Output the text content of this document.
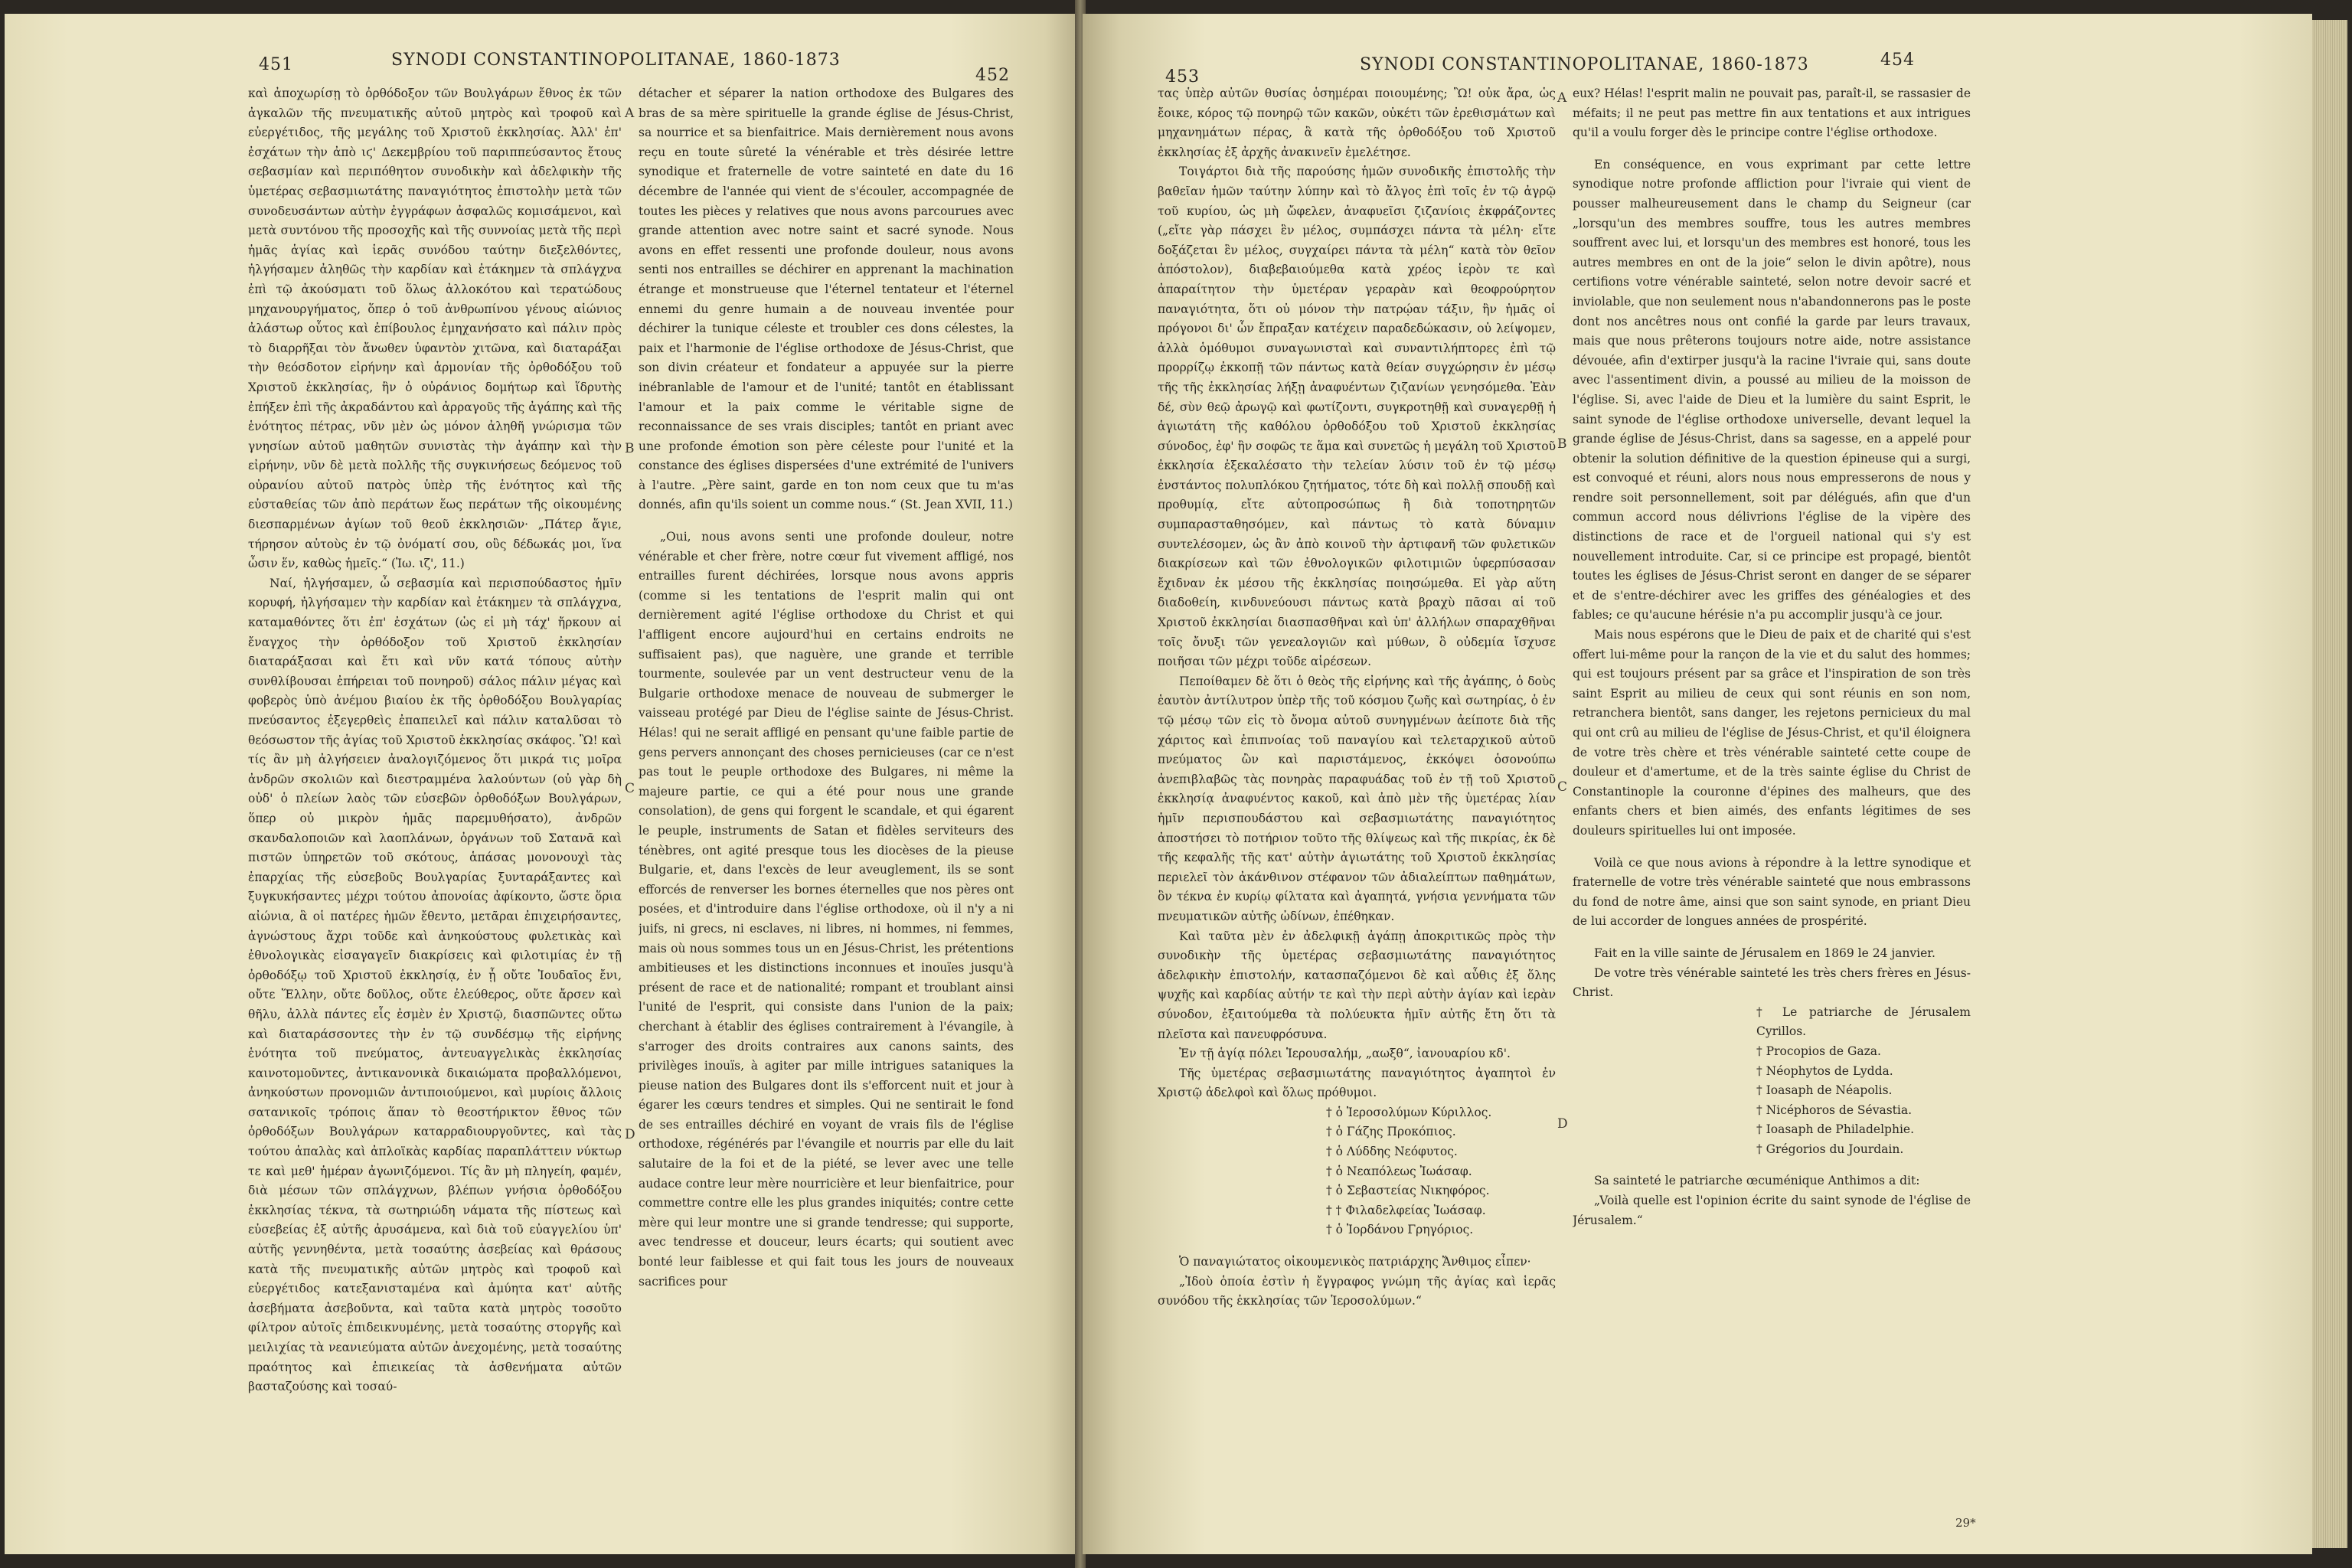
451	SYNODI CONSTANTINOPOLITANAE, 1860-1873
452

καὶ ἀποχωρίσῃ τὸ ὀρθόδοξον τῶν Βουλγάρων ἔθνος ἐκ τῶν ἀγκαλῶν τῆς πνευματικῆς αὐτοῦ μητρὸς καὶ τροφοῦ καὶ εὐεργέτιδος, τῆς μεγάλης τοῦ Χριστοῦ ἐκκλησίας. Ἀλλ' ἐπ' ἐσχάτων τὴν ἀπὸ ιϛ' Δεκεμβρίου τοῦ παριππεύσαντος ἔτους σεβασμίαν καὶ περιπόθητον συνοδικὴν καὶ ἀδελφικὴν τῆς ὑμετέρας σεβασμιωτάτης παναγιότητος ἐπιστολὴν μετὰ τῶν συνοδευσάντων αὐτὴν ἐγγράφων ἀσφαλῶς κομισάμενοι, καὶ μετὰ συντόνου τῆς προσοχῆς καὶ τῆς συννοίας μετὰ τῆς περὶ ἡμᾶς ἁγίας καὶ ἱερᾶς συνόδου ταύτην διεξελθόντες, ἠλγήσαμεν ἀληθῶς τὴν καρδίαν καὶ ἐτάκημεν τὰ σπλάγχνα ἐπὶ τῷ ἀκούσματι τοῦ ὅλως ἀλλοκότου καὶ τερατώδους μηχανουργήματος, ὅπερ ὁ τοῦ ἀνθρωπίνου γένους αἰώνιος ἀλάστωρ οὗτος καὶ ἐπίβουλος ἐμηχανήσατο καὶ πάλιν πρὸς τὸ διαρρῆξαι τὸν ἄνωθεν ὑφαντὸν χιτῶνα, καὶ διαταράξαι τὴν θεόσδοτον εἰρήνην καὶ ἁρμονίαν τῆς ὀρθοδόξου τοῦ Χριστοῦ ἐκκλησίας, ἣν ὁ οὐράνιος δομήτωρ καὶ ἵδρυτὴς ἐπήξεν ἐπὶ τῆς ἀκραδάντου καὶ ἀρραγοῦς τῆς ἀγάπης καὶ τῆς ἑνότητος πέτρας, νῦν μὲν ὡς μόνον ἀληθῆ γνώρισμα τῶν γνησίων αὐτοῦ μαθητῶν συνιστὰς τὴν ἀγάπην καὶ τὴν εἰρήνην, νῦν δὲ μετὰ πολλῆς τῆς συγκινήσεως δεόμενος τοῦ οὐρανίου αὐτοῦ πατρὸς ὑπὲρ τῆς ἑνότητος καὶ τῆς εὐσταθείας τῶν ἀπὸ περάτων ἕως περάτων τῆς οἰκουμένης διεσπαρμένων ἁγίων τοῦ θεοῦ ἐκκλησιῶν· „Πάτερ ἅγιε, τήρησον αὐτοὺς ἐν τῷ ὀνόματί σου, οὓς δέδωκάς μοι, ἵνα ὦσιν ἕν, καθὼς ἡμεῖς.“ (Ἰω. ιζ', 11.)

Ναί, ἠλγήσαμεν, ὦ σεβασμία καὶ περισπούδαστος ἡμῖν κορυφή, ἠλγήσαμεν τὴν καρδίαν καὶ ἐτάκημεν τὰ σπλάγχνα, καταμαθόντες ὅτι ἐπ' ἐσχάτων (ὡς εἰ μὴ τάχ' ἤρκουν αἱ ἔναγχος τὴν ὀρθόδοξον τοῦ Χριστοῦ ἐκκλησίαν διαταράξασαι καὶ ἔτι καὶ νῦν κατά τόπους αὐτὴν συνθλίβουσαι ἐπήρειαι τοῦ πονηροῦ) σάλος πάλιν μέγας καὶ φοβερὸς ὑπὸ ἀνέμου βιαίου ἐκ τῆς ὀρθοδόξου Βουλγαρίας πνεύσαντος ἐξεγερθεὶς ἐπαπειλεῖ καὶ πάλιν καταλῦσαι τὸ θεόσωστον τῆς ἁγίας τοῦ Χριστοῦ ἐκκλησίας σκάφος. Ὢ! καὶ τίς ἂν μὴ ἀλγήσειεν ἀναλογιζόμενος ὅτι μικρά τις μοῖρα ἀνδρῶν σκολιῶν καὶ διεστραμμένα λαλούντων (οὐ γὰρ δὴ οὐδ' ὁ πλείων λαὸς τῶν εὐσεβῶν ὀρθοδόξων Βουλγάρων, ὅπερ οὐ μικρὸν ἡμᾶς παρεμυθήσατο), ἀνδρῶν σκανδαλοποιῶν καὶ λαοπλάνων, ὀργάνων τοῦ Σατανᾶ καὶ πιστῶν ὑπηρετῶν τοῦ σκότους, ἁπάσας μονονουχὶ τὰς ἐπαρχίας τῆς εὐσεβοῦς Βουλγαρίας ξυνταράξαντες καὶ ξυγκυκήσαντες μέχρι τούτου ἀπονοίας ἀφίκοντο, ὥστε ὅρια αἰώνια, ἃ οἱ πατέρες ἡμῶν ἔθεντο, μετᾶραι ἐπιχειρήσαντες, ἀγνώστους ἄχρι τοῦδε καὶ ἀνηκούστους φυλετικὰς καὶ ἐθνολογικὰς εἰσαγαγεῖν διακρίσεις καὶ φιλοτιμίας ἐν τῇ ὀρθοδόξῳ τοῦ Χριστοῦ ἐκκλησίᾳ, ἐν ᾗ οὔτε Ἰουδαῖος ἔνι, οὔτε Ἕλλην, οὔτε δοῦλος, οὔτε ἐλεύθερος, οὔτε ἄρσεν καὶ θῆλυ, ἀλλὰ πάντες εἷς ἐσμὲν ἐν Χριστῷ, διασπῶντες οὕτω καὶ διαταράσσοντες τὴν ἐν τῷ συνδέσμῳ τῆς εἰρήνης ἑνότητα τοῦ πνεύματος, ἀντευαγγελικὰς ἐκκλησίας καινοτομοῦντες, ἀντικανονικὰ δικαιώματα προβαλλόμενοι, ἀνηκούστων προνομιῶν ἀντιποιούμενοι, καὶ μυρίοις ἄλλοις σατανικοῖς τρόποις ἅπαν τὸ θεοστήρικτον ἔθνος τῶν ὀρθοδόξων Βουλγάρων καταρραδιουργοῦντες, καὶ τὰς τούτου ἁπαλὰς καὶ ἀπλοϊκὰς καρδίας παραπλάττειν νύκτωρ τε καὶ μεθ' ἡμέραν ἀγωνιζόμενοι. Τίς ἂν μὴ πληγείη, φαμέν, διὰ μέσων τῶν σπλάγχνων, βλέπων γνήσια ὀρθοδόξου ἐκκλησίας τέκνα, τὰ σωτηριώδη νάματα τῆς πίστεως καὶ εὐσεβείας ἐξ αὐτῆς ἀρυσάμενα, καὶ διὰ τοῦ εὐαγγελίου ὑπ' αὐτῆς γεννηθέντα, μετὰ τοσαύτης ἀσεβείας καὶ θράσους κατὰ τῆς πνευματικῆς αὐτῶν μητρὸς καὶ τροφοῦ καὶ εὐεργέτιδος κατεξανισταμένα καὶ ἀμύητα κατ' αὐτῆς ἀσεβήματα ἀσεβοῦντα, καὶ ταῦτα κατὰ μητρὸς τοσοῦτο φίλτρον αὐτοῖς ἐπιδεικνυμένης, μετὰ τοσαύτης στοργῆς καὶ μειλιχίας τὰ νεανιεύματα αὐτῶν ἀνεχομένης, μετὰ τοσαύτης πραότητος καὶ ἐπιεικείας τὰ ἀσθενήματα αὐτῶν βασταζούσης καὶ τοσαύ-

A
B
C
D

détacher et séparer la nation orthodoxe des Bulgares des bras de sa mère spirituelle la grande église de Jésus-Christ, sa nourrice et sa bienfaitrice. Mais dernièrement nous avons reçu en toute sûreté la vénérable et très désirée lettre synodique et fraternelle de votre sainteté en date du 16 décembre de l'année qui vient de s'écouler, accompagnée de toutes les pièces y relatives que nous avons parcourues avec grande attention avec notre saint et sacré synode. Nous avons en effet ressenti une profonde douleur, nous avons senti nos entrailles se déchirer en apprenant la machination étrange et monstrueuse que l'éternel tentateur et l'éternel ennemi du genre humain a de nouveau inventée pour déchirer la tunique céleste et troubler ces dons célestes, la paix et l'harmonie de l'église orthodoxe de Jésus-Christ, que son divin créateur et fondateur a appuyée sur la pierre inébranlable de l'amour et de l'unité; tantôt en établissant l'amour et la paix comme le véritable signe de reconnaissance de ses vrais disciples; tantôt en priant avec une profonde émotion son père céleste pour l'unité et la constance des églises dispersées d'une extrémité de l'univers à l'autre. „Père saint, garde en ton nom ceux que tu m'as donnés, afin qu'ils soient un comme nous.“ (St. Jean XVII, 11.)

„Oui, nous avons senti une profonde douleur, notre vénérable et cher frère, notre cœur fut vivement affligé, nos entrailles furent déchirées, lorsque nous avons appris (comme si les tentations de l'esprit malin qui ont dernièrement agité l'église orthodoxe du Christ et qui l'affligent encore aujourd'hui en certains endroits ne suffisaient pas), que naguère, une grande et terrible tourmente, soulevée par un vent destructeur venu de la Bulgarie orthodoxe menace de nouveau de submerger le vaisseau protégé par Dieu de l'église sainte de Jésus-Christ. Hélas! qui ne serait affligé en pensant qu'une faible partie de gens pervers annonçant des choses pernicieuses (car ce n'est pas tout le peuple orthodoxe des Bulgares, ni même la majeure partie, ce qui a été pour nous une grande consolation), de gens qui forgent le scandale, et qui égarent le peuple, instruments de Satan et fidèles serviteurs des ténèbres, ont agité presque tous les diocèses de la pieuse Bulgarie, et, dans l'excès de leur aveuglement, ils se sont efforcés de renverser les bornes éternelles que nos pères ont posées, et d'introduire dans l'église orthodoxe, où il n'y a ni juifs, ni grecs, ni esclaves, ni libres, ni hommes, ni femmes, mais où nous sommes tous un en Jésus-Christ, les prétentions ambitieuses et les distinctions inconnues et inouïes jusqu'à présent de race et de nationalité; rompant et troublant ainsi l'unité de l'esprit, qui consiste dans l'union de la paix; cherchant à établir des églises contrairement à l'évangile, à s'arroger des droits contraires aux canons saints, des privilèges inouïs, à agiter par mille intrigues sataniques la pieuse nation des Bulgares dont ils s'efforcent nuit et jour à égarer les cœurs tendres et simples. Qui ne sentirait le fond de ses entrailles déchiré en voyant de vrais fils de l'église orthodoxe, régénérés par l'évangile et nourris par elle du lait salutaire de la foi et de la piété, se lever avec une telle audace contre leur mère nourricière et leur bienfaitrice, pour commettre contre elle les plus grandes iniquités; contre cette mère qui leur montre une si grande tendresse; qui supporte, avec tendresse et douceur, leurs écarts; qui soutient avec bonté leur faiblesse et qui fait tous les jours de nouveaux sacrifices pour

453
SYNODI CONSTANTINOPOLITANAE, 1860-1873	454

τας ὑπὲρ αὐτῶν θυσίας ὁσημέραι ποιουμένης; Ὢ! οὐκ ἄρα, ὡς ἔοικε, κόρος τῷ πονηρῷ τῶν κακῶν, οὐκέτι τῶν ἐρεθισμάτων καὶ μηχανημάτων πέρας, ἃ κατὰ τῆς ὀρθοδόξου τοῦ Χριστοῦ ἐκκλησίας ἐξ ἀρχῆς ἀνακινεῖν ἐμελέτησε.

Τοιγάρτοι διὰ τῆς παρούσης ἡμῶν συνοδικῆς ἐπιστολῆς τὴν βαθεῖαν ἡμῶν ταύτην λύπην καὶ τὸ ἄλγος ἐπὶ τοῖς ἐν τῷ ἀγρῷ τοῦ κυρίου, ὡς μὴ ὤφελεν, ἀναφυεῖσι ζιζανίοις ἐκφράζοντες („εἴτε γὰρ πάσχει ἓν μέλος, συμπάσχει πάντα τὰ μέλη· εἴτε δοξάζεται ἓν μέλος, συγχαίρει πάντα τὰ μέλη“ κατὰ τὸν θεῖον ἀπόστολον), διαβεβαιούμεθα κατὰ χρέος ἱερὸν τε καὶ ἀπαραίτητον τὴν ὑμετέραν γεραρὰν καὶ θεοφρούρητον παναγιότητα, ὅτι οὐ μόνον τὴν πατρῴαν τάξιν, ἣν ἡμᾶς οἱ πρόγονοι δι' ὧν ἔπραξαν κατέχειν παραδεδώκασιν, οὐ λείψομεν, ἀλλὰ ὁμόθυμοι συναγωνισταὶ καὶ συναντιλήπτορες ἐπὶ τῷ προρρίζῳ ἐκκοπῇ τῶν πάντως κατὰ θείαν συγχώρησιν ἐν μέσῳ τῆς τῆς ἐκκλησίας λήξῃ ἀναφυέντων ζιζανίων γενησόμεθα. Ἐὰν δέ, σὺν θεῷ ἀρωγῷ καὶ φωτίζοντι, συγκροτηθῇ καὶ συναγερθῇ ἡ ἁγιωτάτη τῆς καθόλου ὀρθοδόξου τοῦ Χριστοῦ ἐκκλησίας σύνοδος, ἐφ' ἣν σοφῶς τε ἅμα καὶ συνετῶς ἡ μεγάλη τοῦ Χριστοῦ ἐκκλησία ἐξεκαλέσατο τὴν τελείαν λύσιν τοῦ ἐν τῷ μέσῳ ἐνστάντος πολυπλόκου ζητήματος, τότε δὴ καὶ πολλῇ σπουδῇ καὶ προθυμίᾳ, εἴτε αὐτοπροσώπως ἢ διὰ τοποτηρητῶν συμπαρασταθησόμεν, καὶ πάντως τὸ κατὰ δύναμιν συντελέσομεν, ὡς ἂν ἀπὸ κοινοῦ τὴν ἀρτιφανῆ τῶν φυλετικῶν διακρίσεων καὶ τῶν ἐθνολογικῶν φιλοτιμιῶν ὑφερπύσασαν ἔχιδναν ἐκ μέσου τῆς ἐκκλησίας ποιησώμεθα. Εἰ γὰρ αὕτη διαδοθείη, κινδυνεύουσι πάντως κατὰ βραχὺ πᾶσαι αἱ τοῦ Χριστοῦ ἐκκλησίαι διασπασθῆναι καὶ ὑπ' ἀλλήλων σπαραχθῆναι τοῖς ὄνυξι τῶν γενεαλογιῶν καὶ μύθων, ὃ οὐδεμία ἴσχυσε ποιῆσαι τῶν μέχρι τοῦδε αἱρέσεων.

Πεποίθαμεν δὲ ὅτι ὁ θεὸς τῆς εἰρήνης καὶ τῆς ἀγάπης, ὁ δοὺς ἑαυτὸν ἀντίλυτρον ὑπὲρ τῆς τοῦ κόσμου ζωῆς καὶ σωτηρίας, ὁ ἐν τῷ μέσῳ τῶν εἰς τὸ ὄνομα αὐτοῦ συνηγμένων ἀείποτε διὰ τῆς χάριτος καὶ ἐπιπνοίας τοῦ παναγίου καὶ τελεταρχικοῦ αὐτοῦ πνεύματος ὢν καὶ παριστάμενος, ἐκκόψει ὁσονούπω ἀνεπιβλαβῶς τὰς πονηρὰς παραφυάδας τοῦ ἐν τῇ τοῦ Χριστοῦ ἐκκλησίᾳ ἀναφυέντος κακοῦ, καὶ ἀπὸ μὲν τῆς ὑμετέρας λίαν ἡμῖν περισπουδάστου καὶ σεβασμιωτάτης παναγιότητος ἀποστήσει τὸ ποτήριον τοῦτο τῆς θλίψεως καὶ τῆς πικρίας, ἐκ δὲ τῆς κεφαλῆς τῆς κατ' αὐτὴν ἁγιωτάτης τοῦ Χριστοῦ ἐκκλησίας περιελεῖ τὸν ἀκάνθινον στέφανον τῶν ἀδιαλείπτων παθημάτων, ὃν τέκνα ἐν κυρίῳ φίλτατα καὶ ἀγαπητά, γνήσια γεννήματα τῶν πνευματικῶν αὐτῆς ὠδίνων, ἐπέθηκαν.

Καὶ ταῦτα μὲν ἐν ἀδελφικῇ ἀγάπῃ ἀποκριτικῶς πρὸς τὴν συνοδικὴν τῆς ὑμετέρας σεβασμιωτάτης παναγιότητος ἀδελφικὴν ἐπιστολήν, κατασπαζόμενοι δὲ καὶ αὖθις ἐξ ὅλης ψυχῆς καὶ καρδίας αὐτήν τε καὶ τὴν περὶ αὐτὴν ἁγίαν καὶ ἱερὰν σύνοδον, ἐξαιτούμεθα τὰ πολύευκτα ἡμῖν αὐτῆς ἔτη ὅτι τὰ πλεῖστα καὶ πανευφρόσυνα.

Ἐν τῇ ἁγίᾳ πόλει Ἱερουσαλήμ, „αωξθ“, ἰανουαρίου κδ'.

Τῆς ὑμετέρας σεβασμιωτάτης παναγιότητος ἀγαπητοὶ ἐν Χριστῷ ἀδελφοὶ καὶ ὅλως πρόθυμοι.

† ὁ Ἱεροσολύμων Κύριλλος.

† ὁ Γάζης Προκόπιος.

† ὁ Λύδδης Νεόφυτος.

† ὁ Νεαπόλεως Ἰωάσαφ.

† ὁ Σεβαστείας Νικηφόρος.

† † Φιλαδελφείας Ἰωάσαφ.

† ὁ Ἰορδάνου Γρηγόριος.

Ὁ παναγιώτατος οἰκουμενικὸς πατριάρχης Ἄνθιμος εἶπεν·

„Ἰδοὺ ὁποία ἐστὶν ἡ ἔγγραφος γνώμη τῆς ἁγίας καὶ ἱερᾶς συνόδου τῆς ἐκκλησίας τῶν Ἱεροσολύμων.“

A
B
C
D

eux? Hélas! l'esprit malin ne pouvait pas, paraît-il, se rassasier de méfaits; il ne peut pas mettre fin aux tentations et aux intrigues qu'il a voulu forger dès le principe contre l'église orthodoxe.

En conséquence, en vous exprimant par cette lettre synodique notre profonde affliction pour l'ivraie qui vient de pousser malheureusement dans le champ du Seigneur (car „lorsqu'un des membres souffre, tous les autres membres souffrent avec lui, et lorsqu'un des membres est honoré, tous les autres membres en ont de la joie“ selon le divin apôtre), nous certifions votre vénérable sainteté, selon notre devoir sacré et inviolable, que non seulement nous n'abandonnerons pas le poste dont nos ancêtres nous ont confié la garde par leurs travaux, mais que nous prêterons toujours notre aide, notre assistance dévouée, afin d'extirper jusqu'à la racine l'ivraie qui, sans doute avec l'assentiment divin, a poussé au milieu de la moisson de l'église. Si, avec l'aide de Dieu et la lumière du saint Esprit, le saint synode de l'église orthodoxe universelle, devant lequel la grande église de Jésus-Christ, dans sa sagesse, en a appelé pour obtenir la solution définitive de la question épineuse qui a surgi, est convoqué et réuni, alors nous nous empresserons de nous y rendre soit personnellement, soit par délégués, afin que d'un commun accord nous délivrions l'église de la vipère des distinctions de race et de l'orgueil national qui s'y est nouvellement introduite. Car, si ce principe est propagé, bientôt toutes les églises de Jésus-Christ seront en danger de se séparer et de s'entre-déchirer avec les griffes des généalogies et des fables; ce qu'aucune hérésie n'a pu accomplir jusqu'à ce jour.

Mais nous espérons que le Dieu de paix et de charité qui s'est offert lui-même pour la rançon de la vie et du salut des hommes; qui est toujours présent par sa grâce et l'inspiration de son très saint Esprit au milieu de ceux qui sont réunis en son nom, retranchera bientôt, sans danger, les rejetons pernicieux du mal qui ont crû au milieu de l'église de Jésus-Christ, et qu'il éloignera de votre très chère et très vénérable sainteté cette coupe de douleur et d'amertume, et de la très sainte église du Christ de Constantinople la couronne d'épines des malheurs, que des enfants chers et bien aimés, des enfants légitimes de ses douleurs spirituelles lui ont imposée.

Voilà ce que nous avions à répondre à la lettre synodique et fraternelle de votre très vénérable sainteté que nous embrassons du fond de notre âme, ainsi que son saint synode, en priant Dieu de lui accorder de longues années de prospérité.

Fait en la ville sainte de Jérusalem en 1869 le 24 janvier.

De votre très vénérable sainteté les très chers frères en Jésus-Christ.

† Le patriarche de Jérusalem Cyrillos.

† Procopios de Gaza.

† Néophytos de Lydda.

† Ioasaph de Néapolis.

† Nicéphoros de Sévastia.

† Ioasaph de Philadelphie.

† Grégorios du Jourdain.

Sa sainteté le patriarche œcuménique Anthimos a dit:

„Voilà quelle est l'opinion écrite du saint synode de l'église de Jérusalem.“

29*
